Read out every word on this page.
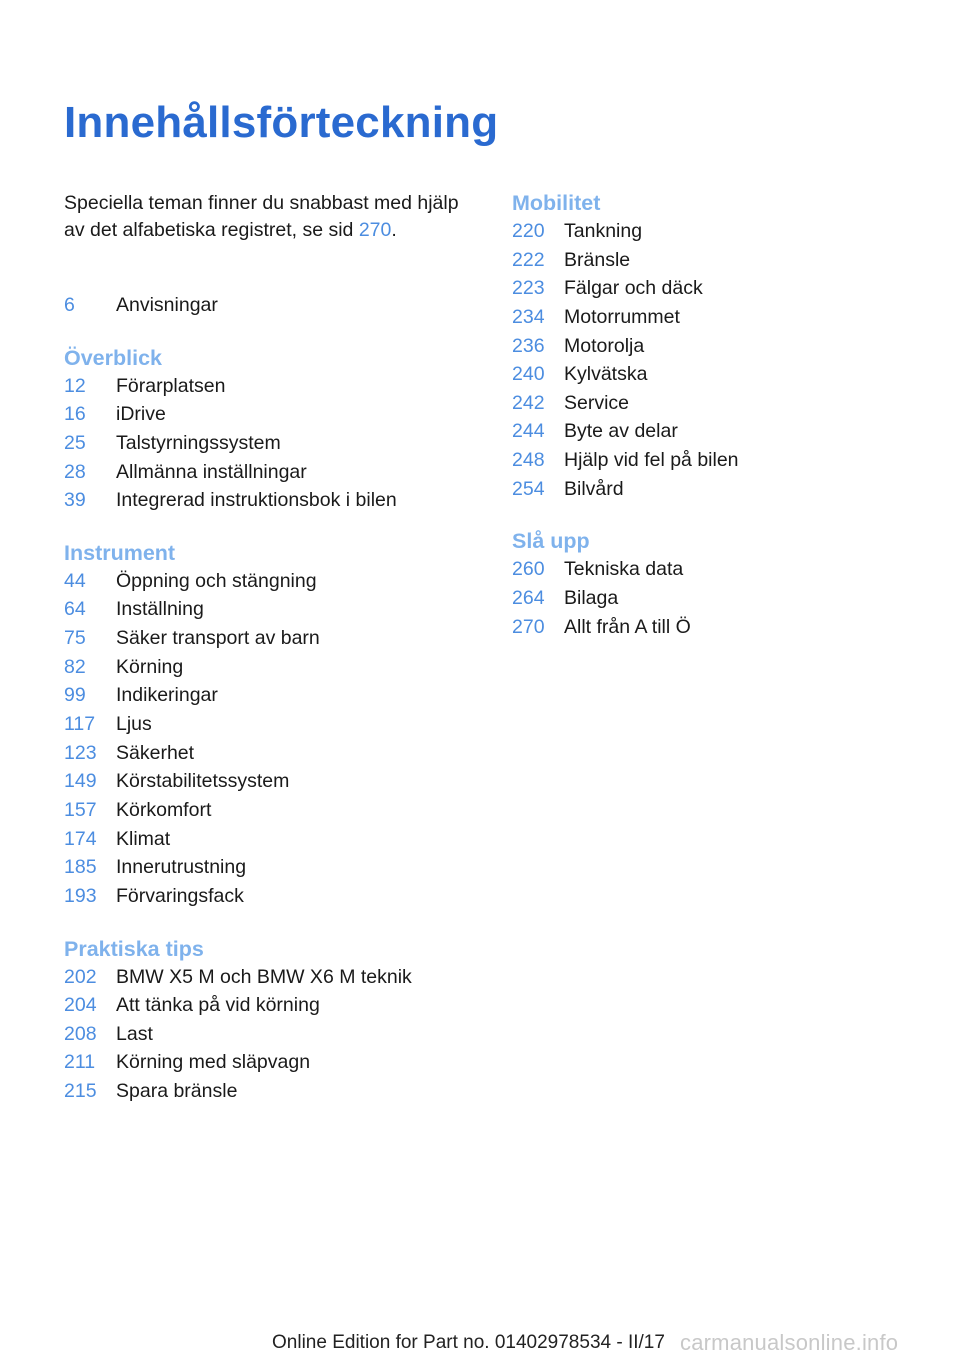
Innehållsförteckning

Speciella teman finner du snabbast med hjälp av det alfabetiska registret, se sid 270.

6	Anvisningar
Överblick
12	Förarplatsen
16	iDrive
25	Talstyrningssystem
28	Allmänna inställningar
39	Integrerad instruktionsbok i bilen
Instrument
44	Öppning och stängning
64	Inställning
75	Säker transport av barn
82	Körning
99	Indikeringar
117	Ljus
123 Säkerhet
149 Körstabilitetssystem
157 Körkomfort
174 Klimat
185 Innerutrustning
193 Förvaringsfack
Praktiska tips
202 BMW X5 M och BMW X6 M teknik
204 Att tänka på vid körning
208 Last
211	Körning med släpvagn
215 Spara bränsle
Mobilitet
220 Tankning
222 Bränsle
223 Fälgar och däck
234 Motorrummet
236 Motorolja
240 Kylvätska
242 Service
244 Byte av delar
248 Hjälp vid fel på bilen
254 Bilvård
Slå upp
260 Tekniska data
264 Bilaga
270 Allt från A till Ö
Online Edition for Part no. 01402978534 - II/17 carmanualsonline.info
